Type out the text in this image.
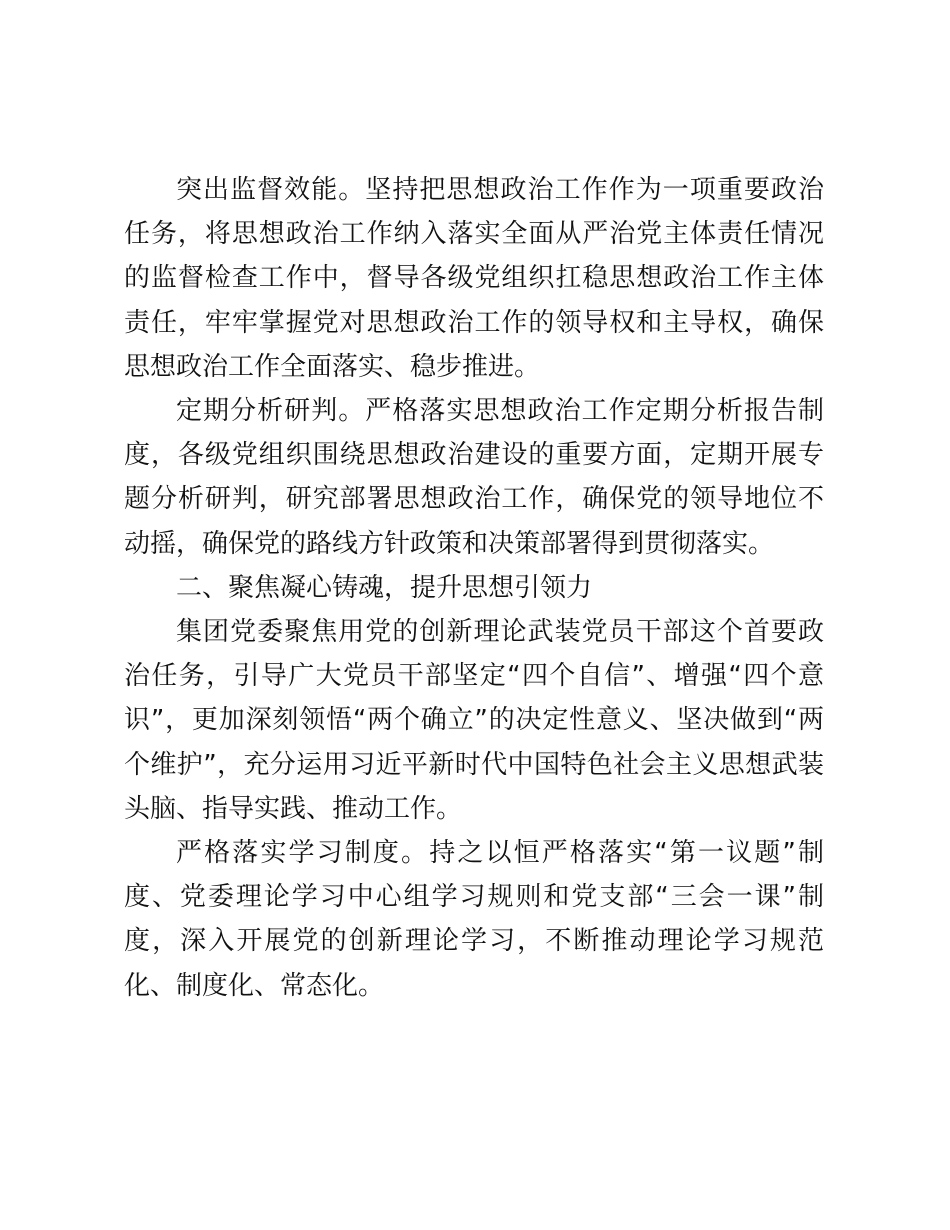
突出监督效能。坚持把思想政治工作作为一项重要政治任务，将思想政治工作纳入落实全面从严治党主体责任情况的监督检查工作中，督导各级党组织扛稳思想政治工作主体责任，牢牢掌握党对思想政治工作的领导权和主导权，确保思想政治工作全面落实、稳步推进。

定期分析研判。严格落实思想政治工作定期分析报告制度，各级党组织围绕思想政治建设的重要方面，定期开展专题分析研判，研究部署思想政治工作，确保党的领导地位不动摇，确保党的路线方针政策和决策部署得到贯彻落实。

二、聚焦凝心铸魂，提升思想引领力

集团党委聚焦用党的创新理论武装党员干部这个首要政治任务，引导广大党员干部坚定“四个自信”、增强“四个意识”，更加深刻领悟“两个确立”的决定性意义、坚决做到“两个维护”，充分运用习近平新时代中国特色社会主义思想武装头脑、指导实践、推动工作。

严格落实学习制度。持之以恒严格落实“第一议题”制度、党委理论学习中心组学习规则和党支部“三会一课”制度，深入开展党的创新理论学习，不断推动理论学习规范化、制度化、常态化。
